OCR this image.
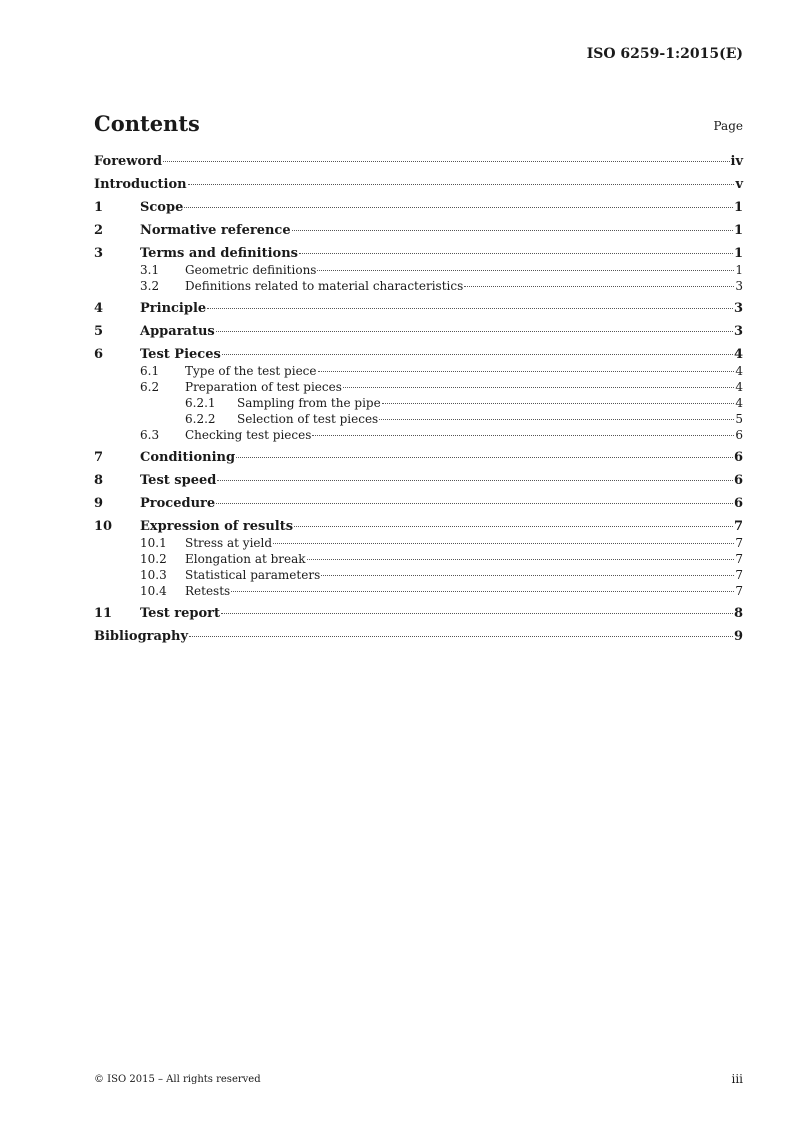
ISO 6259-1:2015(E)
Contents	Page
Foreword	iv
Introduction	v
1	Scope	1
2	Normative reference	1
3	Terms and definitions	1
3.1	Geometric definitions	1
3.2	Definitions related to material characteristics	3
4	Principle	3
5	Apparatus	3
6	Test Pieces	4
6.1	Type of the test piece	4
6.2	Preparation of test pieces	4
6.2.1	Sampling from the pipe	4
6.2.2	Selection of test pieces	5
6.3	Checking test pieces	6
7	Conditioning	6
8	Test speed	6
9	Procedure	6
10	Expression of results	7
10.1	Stress at yield	7
10.2	Elongation at break	7
10.3	Statistical parameters	7
10.4	Retests	7
11	Test report	8
Bibliography	9
© ISO 2015 – All rights reserved	iii
